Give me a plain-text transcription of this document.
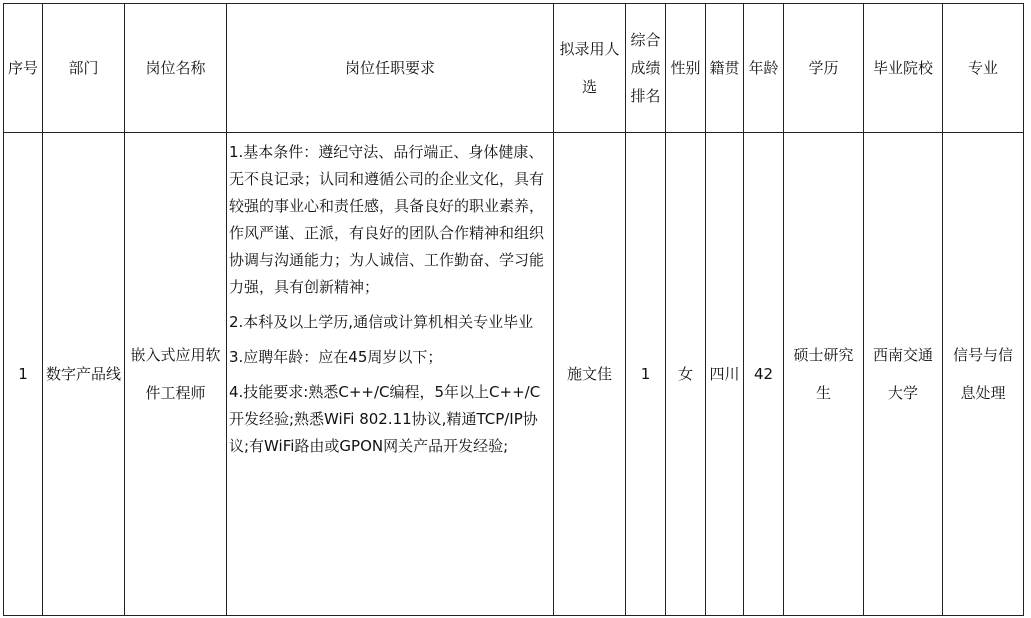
序号	部门	岗位名称	岗位任职要求	拟录用人选	综合成绩排名	性别	籍贯	年龄	学历	毕业院校	专业
1	数字产品线	嵌入式应用软件工程师	1.基本条件：遵纪守法、品行端正、身体健康、无不良记录；认同和遵循公司的企业文化，具有较强的事业心和责任感，具备良好的职业素养，作风严谨、正派，有良好的团队合作精神和组织协调与沟通能力；为人诚信、工作勤奋、学习能力强，具有创新精神；

2.本科及以上学历,通信或计算机相关专业毕业

3.应聘年龄：应在45周岁以下；

4.技能要求:熟悉C++/C编程，5年以上C++/C开发经验;熟悉WiFi 802.11协议,精通TCP/IP协议;有WiFi路由或GPON网关产品开发经验;	施文佳	1	女	四川	42	硕士研究生	西南交通大学	信号与信息处理
